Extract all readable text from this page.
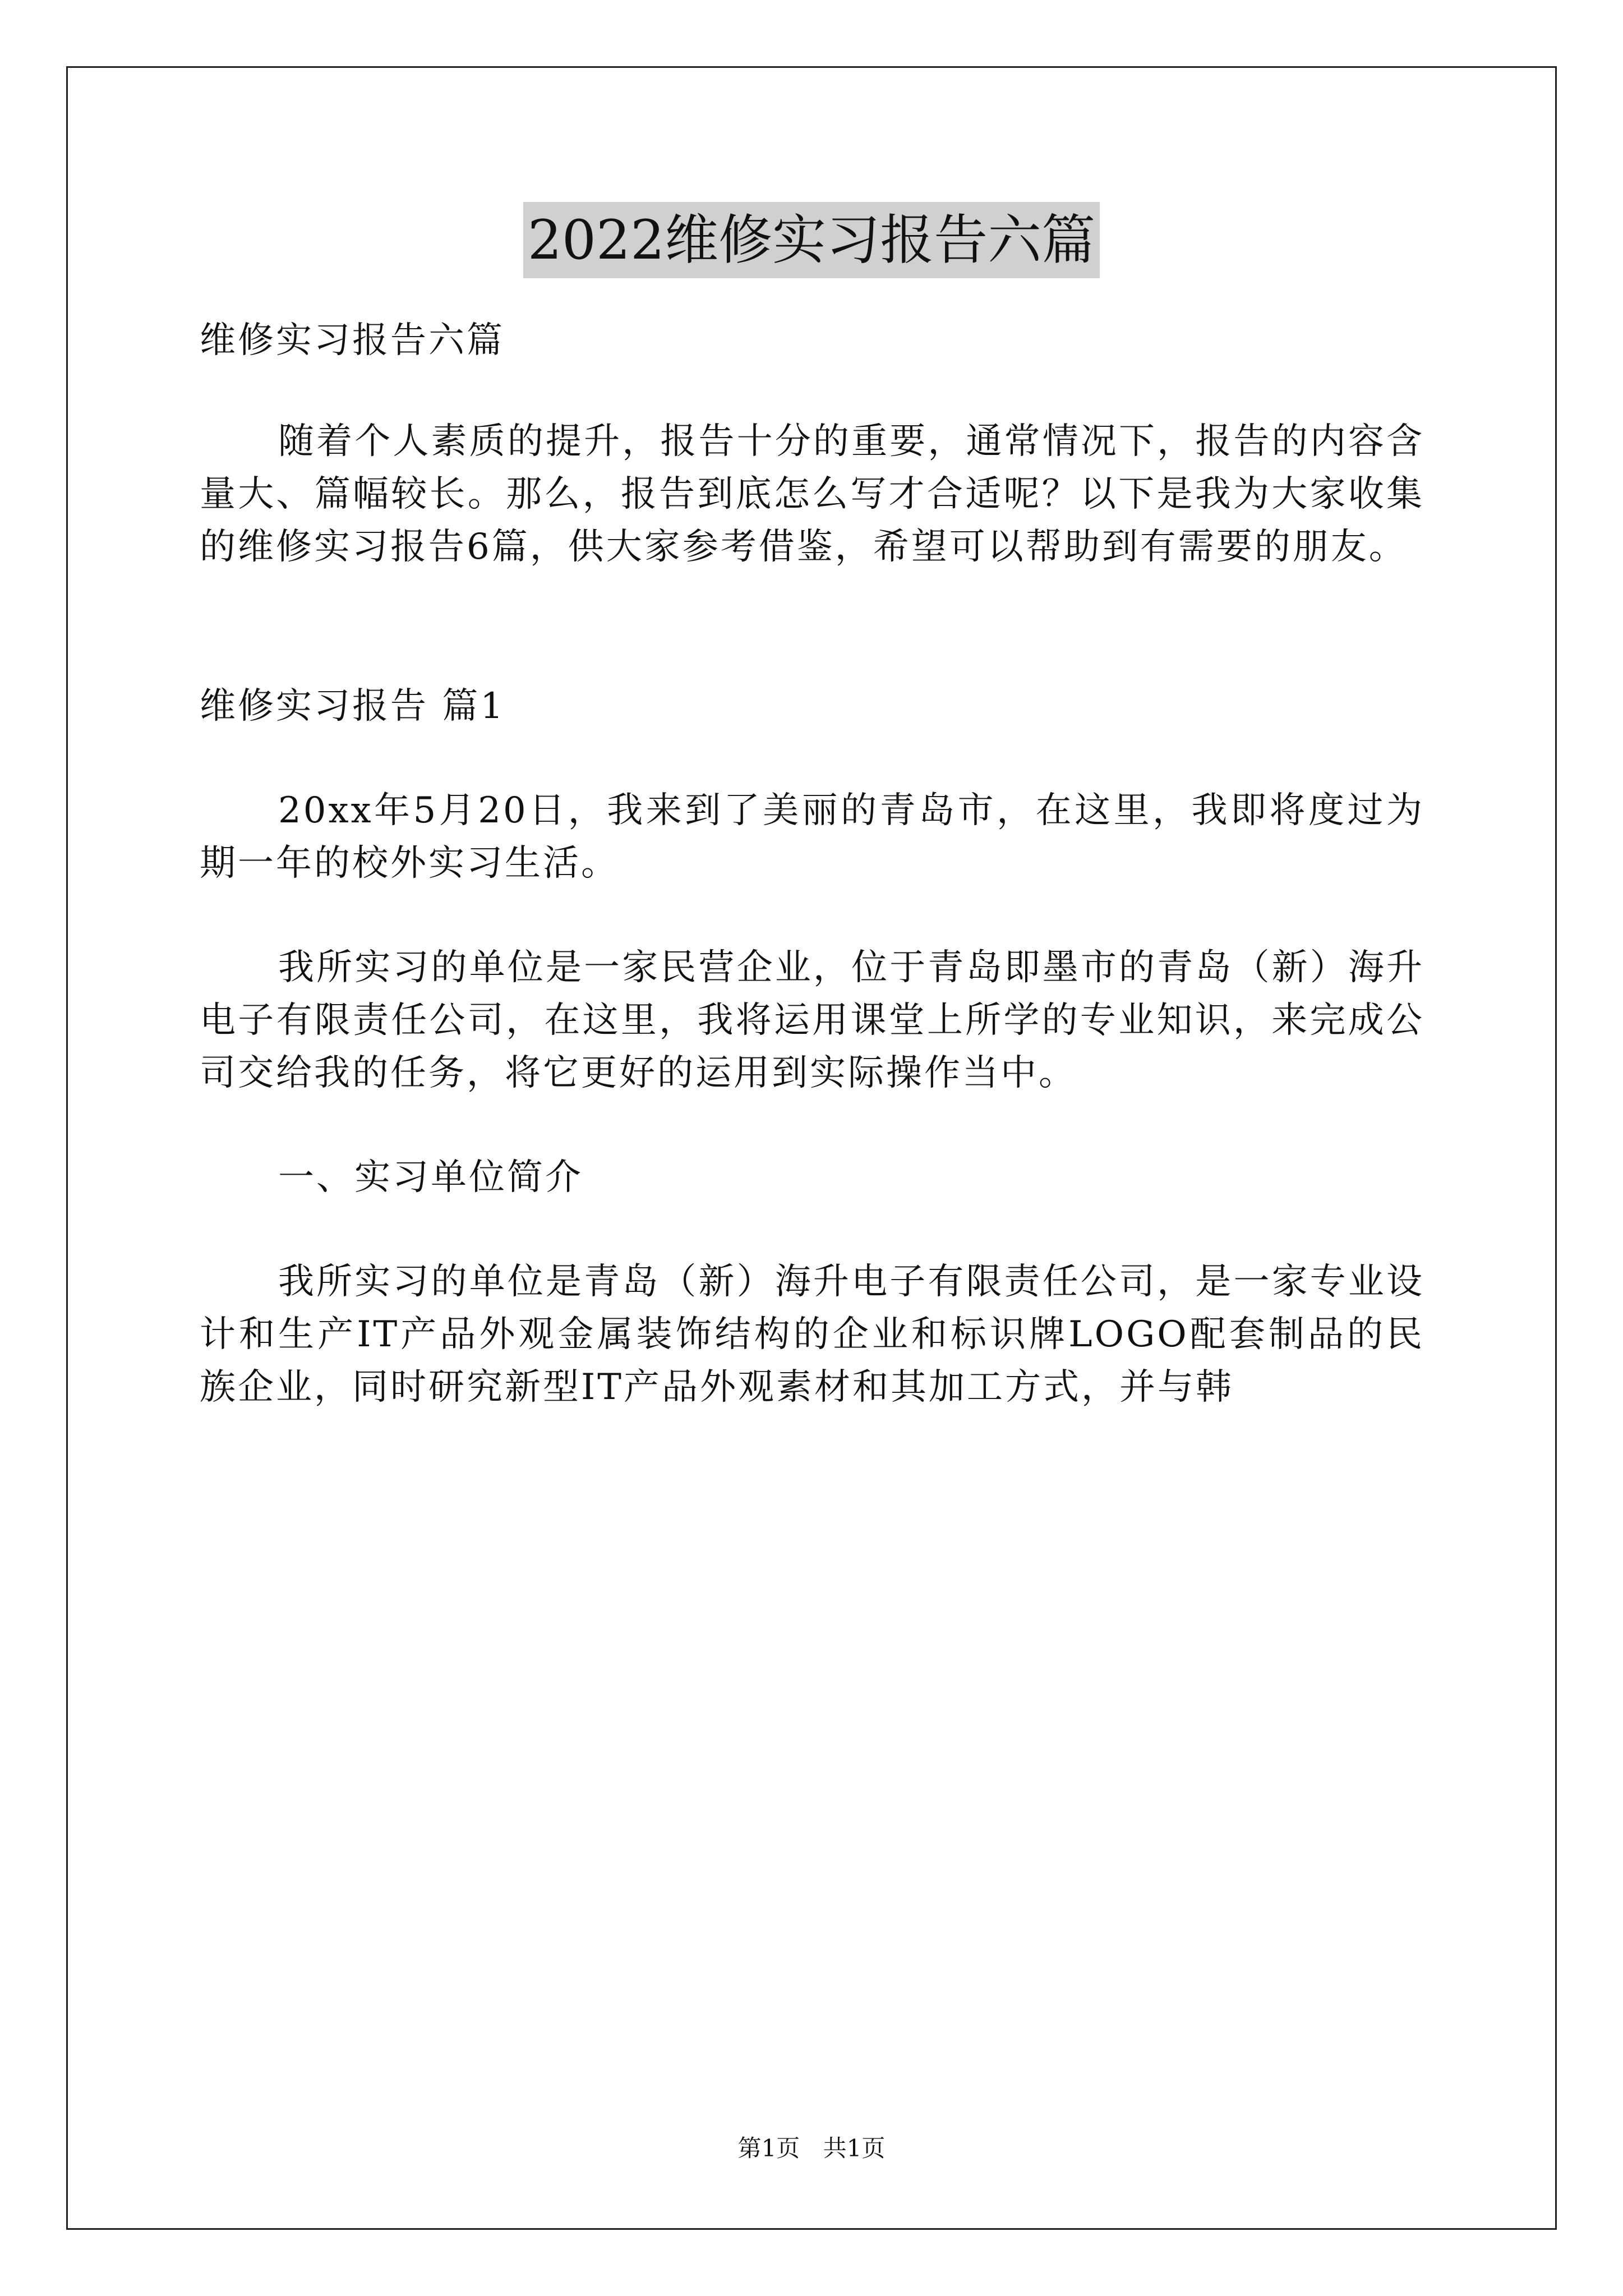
2022维修实习报告六篇

维修实习报告六篇

随着个人素质的提升，报告十分的重要，通常情况下，报告的内容含量大、篇幅较长。那么，报告到底怎么写才合适呢？以下是我为大家收集的维修实习报告6篇，供大家参考借鉴，希望可以帮助到有需要的朋友。

维修实习报告 篇1

20xx年5月20日，我来到了美丽的青岛市，在这里，我即将度过为期一年的校外实习生活。

我所实习的单位是一家民营企业，位于青岛即墨市的青岛（新）海升电子有限责任公司，在这里，我将运用课堂上所学的专业知识，来完成公司交给我的任务，将它更好的运用到实际操作当中。

一、实习单位简介

我所实习的单位是青岛（新）海升电子有限责任公司，是一家专业设计和生产IT产品外观金属装饰结构的企业和标识牌LOGO配套制品的民族企业，同时研究新型IT产品外观素材和其加工方式，并与韩

第1页 共1页
